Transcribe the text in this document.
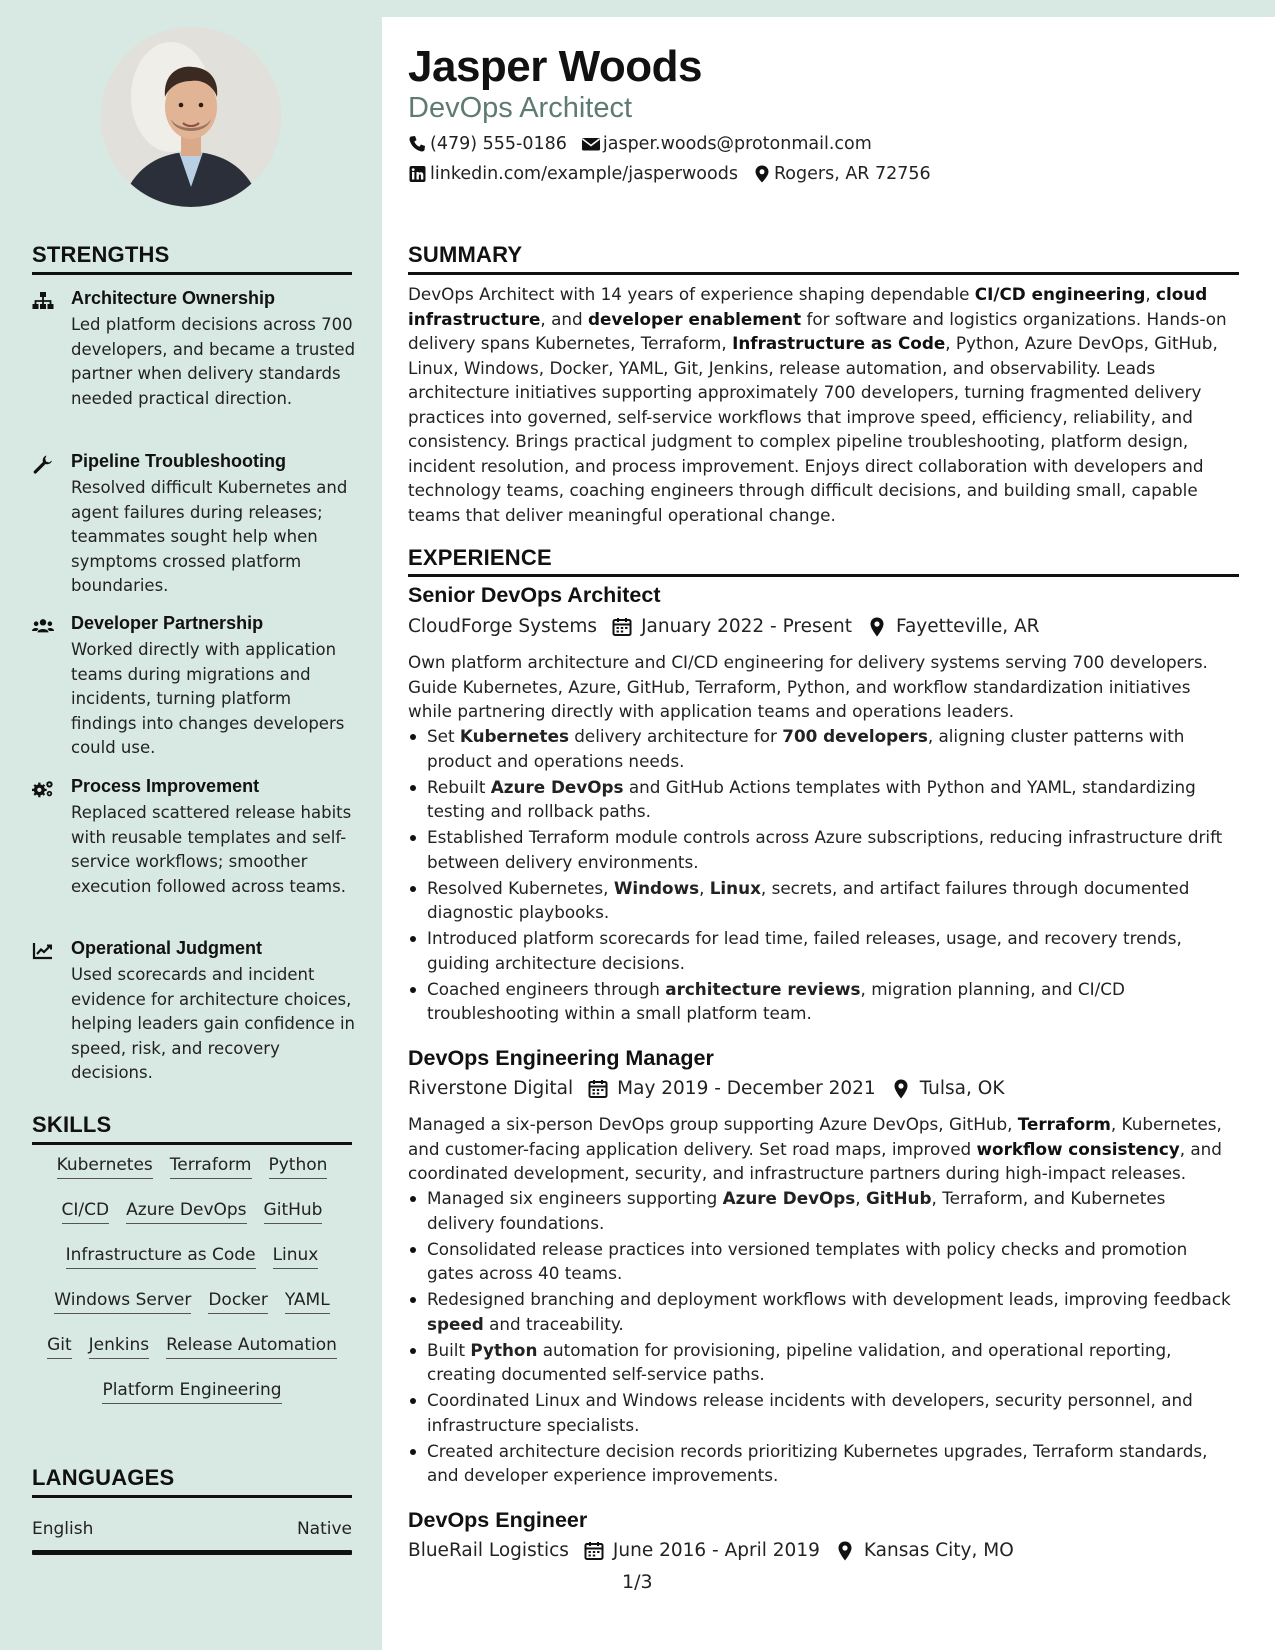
STRENGTHS
Architecture Ownership
Led platform decisions across 700 developers, and became a trusted partner when delivery standards needed practical direction.
Pipeline Troubleshooting
Resolved difficult Kubernetes and agent failures during releases; teammates sought help when symptoms crossed platform boundaries.
Developer Partnership
Worked directly with application teams during migrations and incidents, turning platform findings into changes developers could use.
Process Improvement
Replaced scattered release habits with reusable templates and self-service workflows; smoother execution followed across teams.
Operational Judgment
Used scorecards and incident evidence for architecture choices, helping leaders gain confidence in speed, risk, and recovery decisions.
SKILLS
Kubernetes Terraform Python
CI/CD Azure DevOps GitHub
Infrastructure as Code Linux
Windows Server Docker YAML
Git Jenkins Release Automation
Platform Engineering
LANGUAGES
English	Native
Jasper Woods
DevOps Architect
(479) 555-0186 jasper.woods@protonmail.com
linkedin.com/example/jasperwoods Rogers, AR 72756
SUMMARY
DevOps Architect with 14 years of experience shaping dependable CI/CD engineering, cloud infrastructure, and developer enablement for software and logistics organizations. Hands-on delivery spans Kubernetes, Terraform, Infrastructure as Code, Python, Azure DevOps, GitHub, Linux, Windows, Docker, YAML, Git, Jenkins, release automation, and observability. Leads architecture initiatives supporting approximately 700 developers, turning fragmented delivery practices into governed, self-service workflows that improve speed, efficiency, reliability, and consistency. Brings practical judgment to complex pipeline troubleshooting, platform design, incident resolution, and process improvement. Enjoys direct collaboration with developers and technology teams, coaching engineers through difficult decisions, and building small, capable teams that deliver meaningful operational change.
EXPERIENCE
Senior DevOps Architect
CloudForge Systems January 2022 - Present Fayetteville, AR
Own platform architecture and CI/CD engineering for delivery systems serving 700 developers. Guide Kubernetes, Azure, GitHub, Terraform, Python, and workflow standardization initiatives while partnering directly with application teams and operations leaders.
Set Kubernetes delivery architecture for 700 developers, aligning cluster patterns with product and operations needs.
Rebuilt Azure DevOps and GitHub Actions templates with Python and YAML, standardizing testing and rollback paths.
Established Terraform module controls across Azure subscriptions, reducing infrastructure drift between delivery environments.
Resolved Kubernetes, Windows, Linux, secrets, and artifact failures through documented diagnostic playbooks.
Introduced platform scorecards for lead time, failed releases, usage, and recovery trends, guiding architecture decisions.
Coached engineers through architecture reviews, migration planning, and CI/CD troubleshooting within a small platform team.
DevOps Engineering Manager
Riverstone Digital May 2019 - December 2021 Tulsa, OK
Managed a six-person DevOps group supporting Azure DevOps, GitHub, Terraform, Kubernetes, and customer-facing application delivery. Set road maps, improved workflow consistency, and coordinated development, security, and infrastructure partners during high-impact releases.
Managed six engineers supporting Azure DevOps, GitHub, Terraform, and Kubernetes delivery foundations.
Consolidated release practices into versioned templates with policy checks and promotion gates across 40 teams.
Redesigned branching and deployment workflows with development leads, improving feedback speed and traceability.
Built Python automation for provisioning, pipeline validation, and operational reporting, creating documented self-service paths.
Coordinated Linux and Windows release incidents with developers, security personnel, and infrastructure specialists.
Created architecture decision records prioritizing Kubernetes upgrades, Terraform standards, and developer experience improvements.
DevOps Engineer
BlueRail Logistics June 2016 - April 2019 Kansas City, MO
1/3
